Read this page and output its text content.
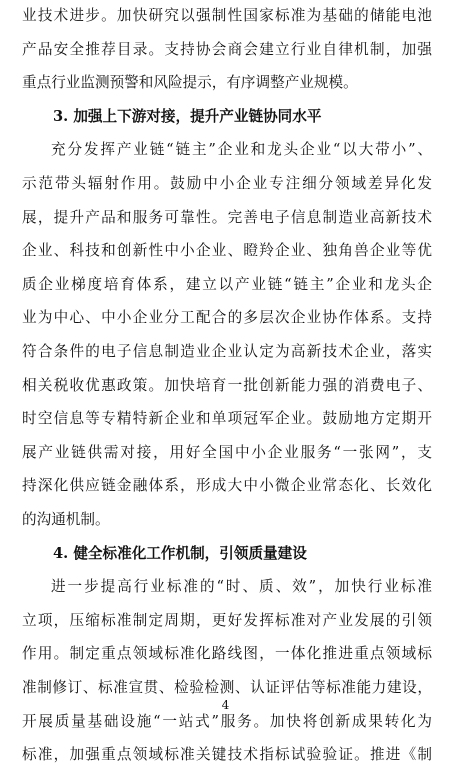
业技术进步。加快研究以强制性国家标准为基础的储能电池
产品安全推荐目录。支持协会商会建立行业自律机制，加强
重点行业监测预警和风险提示，有序调整产业规模。
3. 加强上下游对接，提升产业链协同水平
充分发挥产业链“链主”企业和龙头企业“以大带小”、
示范带头辐射作用。鼓励中小企业专注细分领域差异化发
展，提升产品和服务可靠性。完善电子信息制造业高新技术
企业、科技和创新性中小企业、瞪羚企业、独角兽企业等优
质企业梯度培育体系，建立以产业链“链主”企业和龙头企
业为中心、中小企业分工配合的多层次企业协作体系。支持
符合条件的电子信息制造业企业认定为高新技术企业，落实
相关税收优惠政策。加快培育一批创新能力强的消费电子、
时空信息等专精特新企业和单项冠军企业。鼓励地方定期开
展产业链供需对接，用好全国中小企业服务“一张网”，支
持深化供应链金融体系，形成大中小微企业常态化、长效化
的沟通机制。
4. 健全标准化工作机制，引领质量建设
进一步提高行业标准的“时、质、效”，加快行业标准
立项，压缩标准制定周期，更好发挥标准对产业发展的引领
作用。制定重点领域标准化路线图，一体化推进重点领域标
准制修订、标准宣贯、检验检测、认证评估等标准能力建设，
开展质量基础设施“一站式”服务。加快将创新成果转化为
标准，加强重点领域标准关键技术指标试验验证。推进《制
4
